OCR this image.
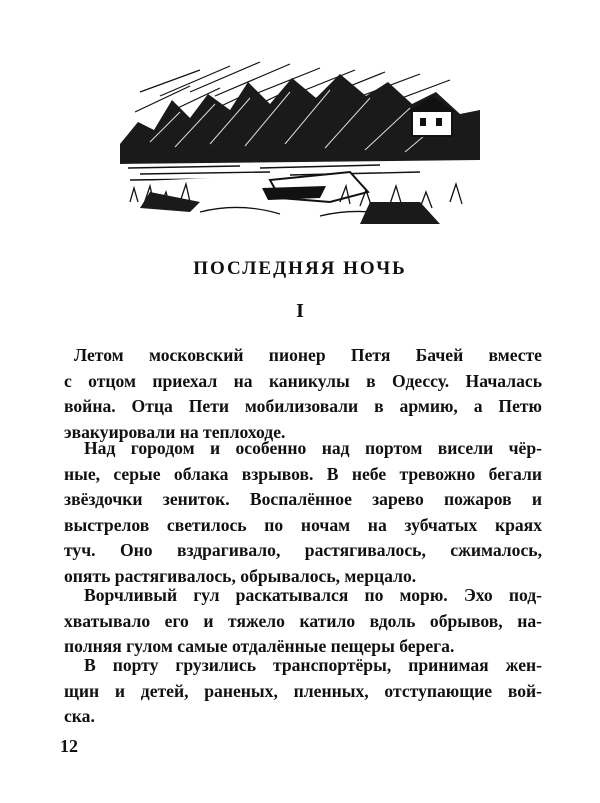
ПОСЛЕДНЯЯ НОЧЬ
I
Летом московский пионер Петя Бачей вместе
с отцом приехал на каникулы в Одессу. Началась
война. Отца Пети мобилизовали в армию, а Петю
эвакуировали на теплоходе.
Над городом и особенно над портом висели чёр-
ные, серые облака взрывов. В небе тревожно бегали
звёздочки зениток. Воспалённое зарево пожаров и
выстрелов светилось по ночам на зубчатых краях
туч. Оно вздрагивало, растягивалось, сжималось,
опять растягивалось, обрывалось, мерцало.
Ворчливый гул раскатывался по морю. Эхо под-
хватывало его и тяжело катило вдоль обрывов, на-
полняя гулом самые отдалённые пещеры берега.
В порту грузились транспортёры, принимая жен-
щин и детей, раненых, пленных, отступающие вой-
ска.
12
